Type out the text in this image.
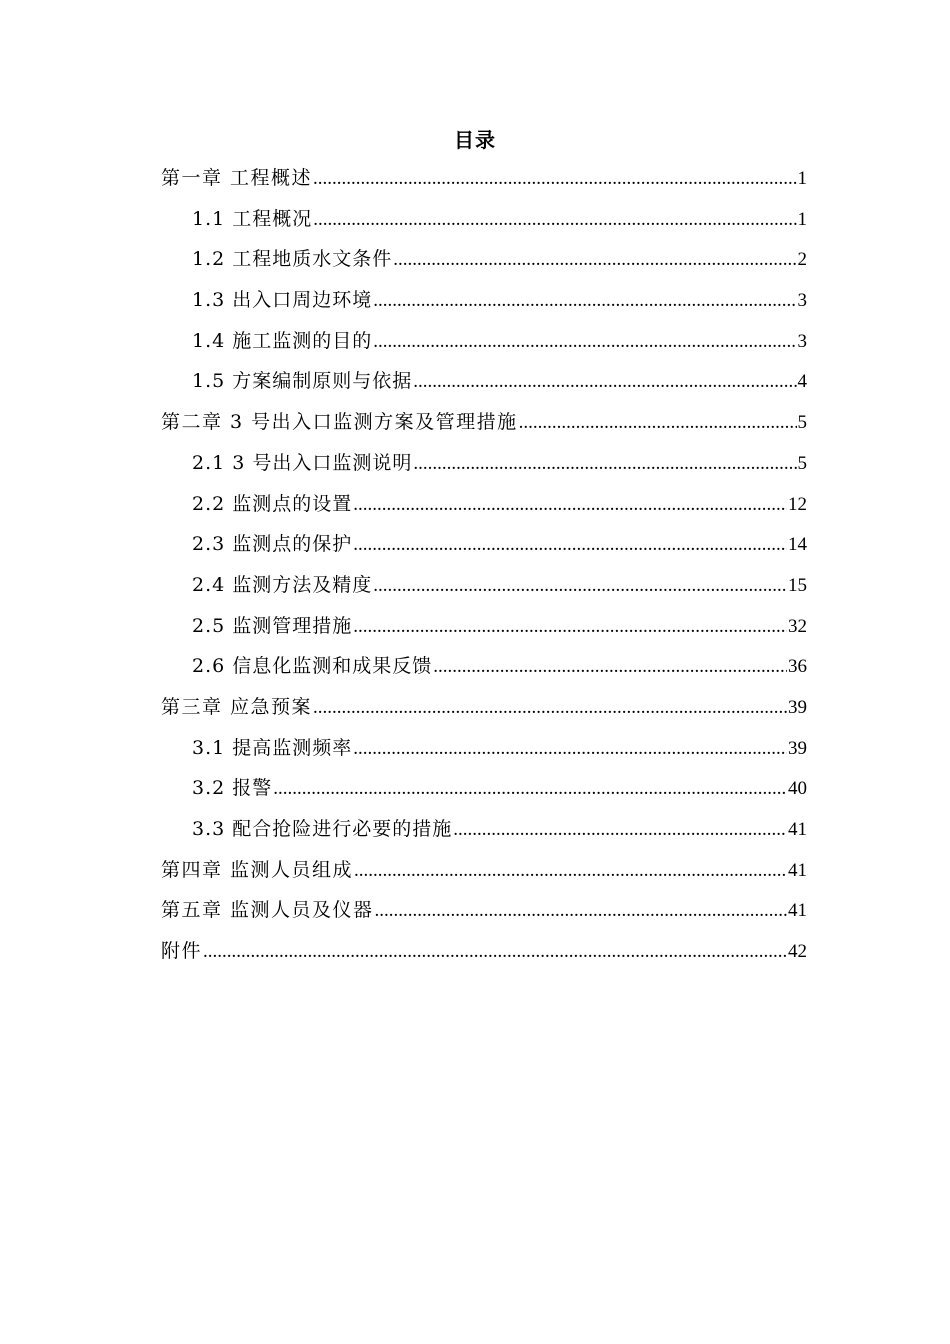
目录
第一章 工程概述 .....	1
1.1 工程概况 .....	1
1.2 工程地质水文条件 .....	2
1.3 出入口周边环境 .....	3
1.4 施工监测的目的 .....	3
1.5 方案编制原则与依据 .....	4
第二章 3 号出入口监测方案及管理措施 .....	5
2.1 3 号出入口监测说明 .....	5
2.2 监测点的设置 .....	12
2.3 监测点的保护 .....	14
2.4 监测方法及精度 .....	15
2.5 监测管理措施 .....	32
2.6 信息化监测和成果反馈 .....	36
第三章 应急预案 .....	39
3.1 提高监测频率 .....	39
3.2 报警 .....	40
3.3 配合抢险进行必要的措施 .....	41
第四章 监测人员组成 .....	41
第五章 监测人员及仪器 .....	41
附件 .....	42
